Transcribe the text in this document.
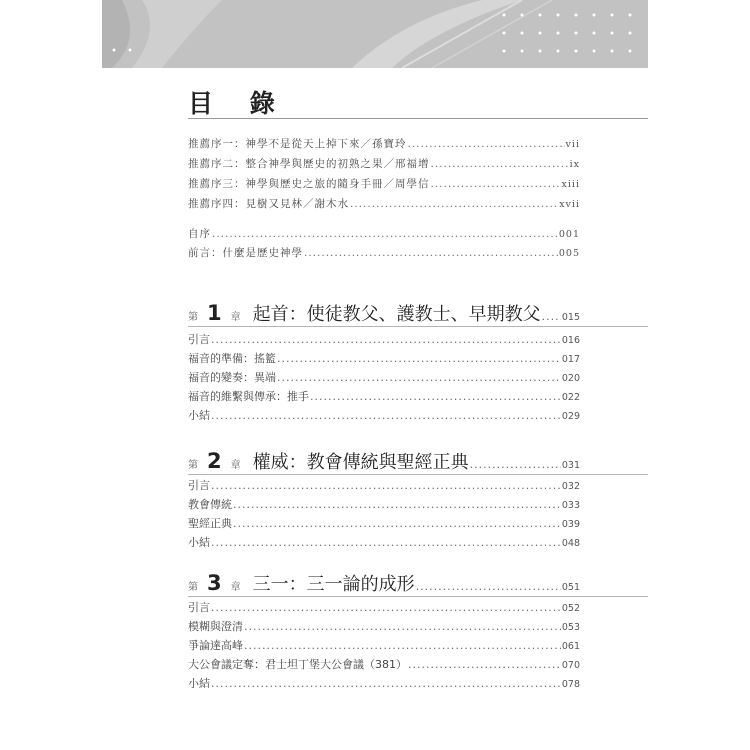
目 錄
推薦序一：神學不是從天上掉下來／孫寶玲 .....	vii
推薦序二：整合神學與歷史的初熟之果／邢福增 .....	ix
推薦序三：神學與歷史之旅的隨身手冊／周學信 .....	xiii
推薦序四：見樹又見林／謝木水 .....	xvii
自序 .....	001
前言：什麼是歷史神學 .....	005
第 1 章 起首：使徒教父、護教士、早期教父 ..... 015
引言 .....	016
福音的準備：搖籃 .....	017
福音的變奏：異端 .....	020
福音的維繫與傳承：推手 .....	022
小結 .....	029
第 2 章 權威：教會傳統與聖經正典 .....	031
引言 .....	032
教會傳統 .....	033
聖經正典 .....	039
小結 .....	048
第 3 章 三一：三一論的成形 .....	051
引言 .....	052
模糊與澄清 .....	053
爭論達高峰 .....	061
大公會議定奪：君士坦丁堡大公會議（381） .....	070
小結 .....	078
